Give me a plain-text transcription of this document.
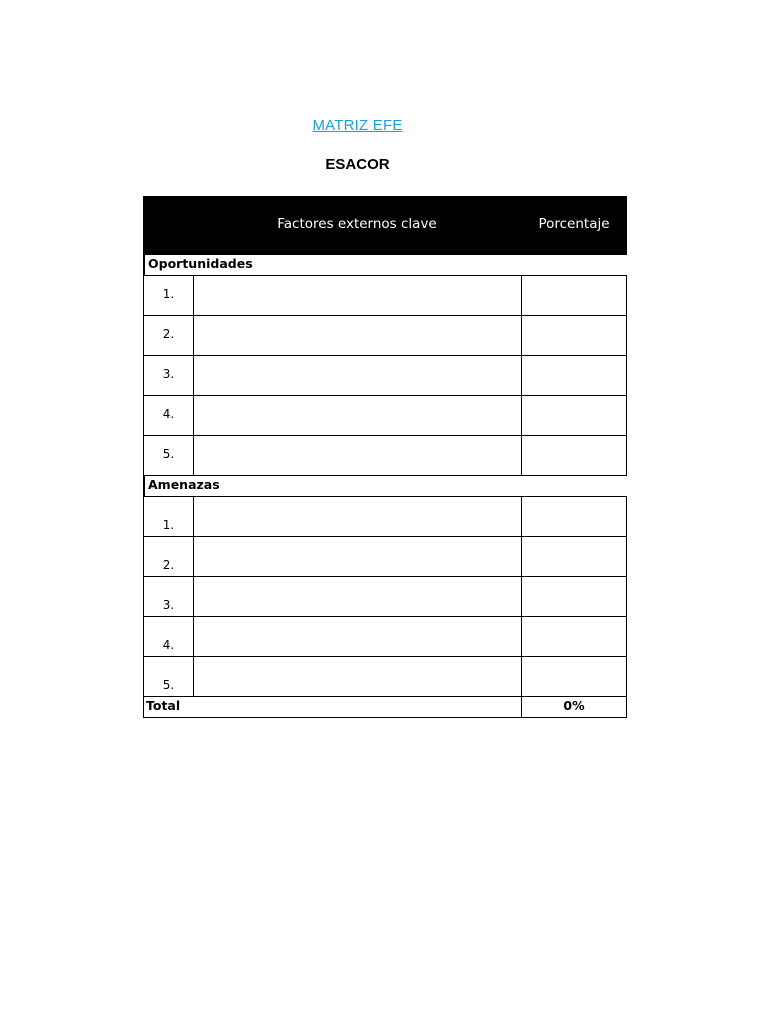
MATRIZ EFE
ESACOR
Factores externos clave	Porcentaje
Oportunidades
1.
2.
3.
4.
5.
Amenazas
1.
2.
3.
4.
5.
Total	0%
